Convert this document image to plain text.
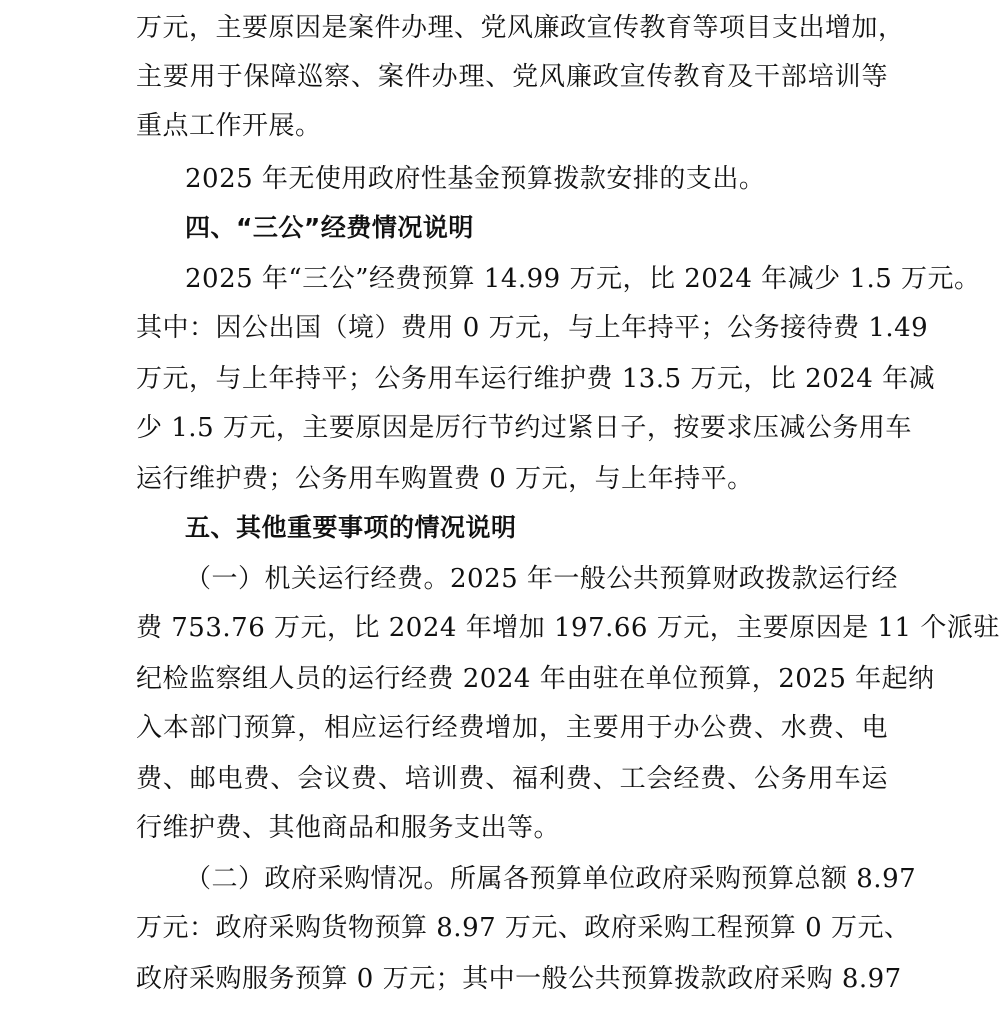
万元，主要原因是案件办理、党风廉政宣传教育等项目支出增加，
主要用于保障巡察、案件办理、党风廉政宣传教育及干部培训等
重点工作开展。
2025 年无使用政府性基金预算拨款安排的支出。
四、“三公”经费情况说明
2025 年“三公”经费预算 14.99 万元，比 2024 年减少 1.5 万元。
其中：因公出国（境）费用 0 万元，与上年持平；公务接待费 1.49
万元，与上年持平；公务用车运行维护费 13.5 万元，比 2024 年减
少 1.5 万元，主要原因是厉行节约过紧日子，按要求压减公务用车
运行维护费；公务用车购置费 0 万元，与上年持平。
五、其他重要事项的情况说明
（一）机关运行经费。2025 年一般公共预算财政拨款运行经
费 753.76 万元，比 2024 年增加 197.66 万元，主要原因是 11 个派驻
纪检监察组人员的运行经费 2024 年由驻在单位预算，2025 年起纳
入本部门预算，相应运行经费增加，主要用于办公费、水费、电
费、邮电费、会议费、培训费、福利费、工会经费、公务用车运
行维护费、其他商品和服务支出等。
（二）政府采购情况。所属各预算单位政府采购预算总额 8.97
万元：政府采购货物预算 8.97 万元、政府采购工程预算 0 万元、
政府采购服务预算 0 万元；其中一般公共预算拨款政府采购 8.97
